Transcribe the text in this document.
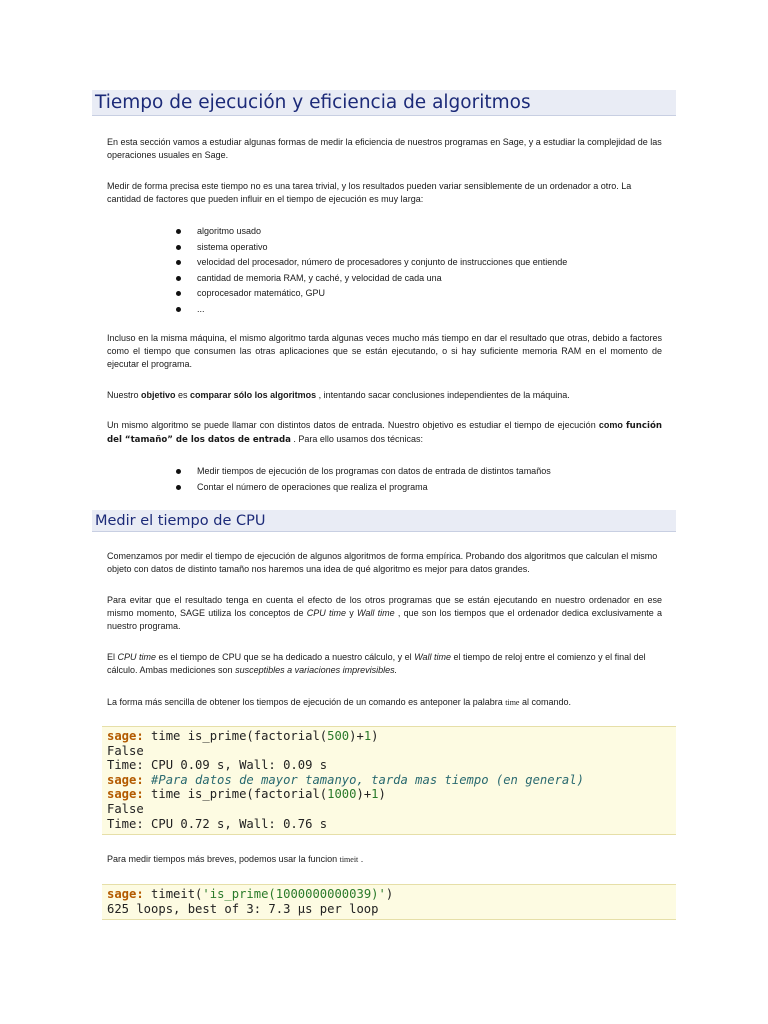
Tiempo de ejecución y eficiencia de algoritmos

En esta sección vamos a estudiar algunas formas de medir la eficiencia de nuestros programas en Sage, y a estudiar la complejidad de las operaciones usuales en Sage.

Medir de forma precisa este tiempo no es una tarea trivial, y los resultados pueden variar sensiblemente de un ordenador a otro. La cantidad de factores que pueden influir en el tiempo de ejecución es muy larga:

algoritmo usado
sistema operativo
velocidad del procesador, número de procesadores y conjunto de instrucciones que entiende
cantidad de memoria RAM, y caché, y velocidad de cada una
coprocesador matemático, GPU
...

Incluso en la misma máquina, el mismo algoritmo tarda algunas veces mucho más tiempo en dar el resultado que otras, debido a factores como el tiempo que consumen las otras aplicaciones que se están ejecutando, o si hay suficiente memoria RAM en el momento de ejecutar el programa.

Nuestro objetivo es comparar sólo los algoritmos , intentando sacar conclusiones independientes de la máquina.

Un mismo algoritmo se puede llamar con distintos datos de entrada. Nuestro objetivo es estudiar el tiempo de ejecución como función del “tamaño” de los datos de entrada . Para ello usamos dos técnicas:

Medir tiempos de ejecución de los programas con datos de entrada de distintos tamaños
Contar el número de operaciones que realiza el programa
Medir el tiempo de CPU

Comenzamos por medir el tiempo de ejecución de algunos algoritmos de forma empírica. Probando dos algoritmos que calculan el mismo objeto con datos de distinto tamaño nos haremos una idea de qué algoritmo es mejor para datos grandes.

Para evitar que el resultado tenga en cuenta el efecto de los otros programas que se están ejecutando en nuestro ordenador en ese mismo momento, SAGE utiliza los conceptos de CPU time y Wall time , que son los tiempos que el ordenador dedica exclusivamente a nuestro programa.

El CPU time es el tiempo de CPU que se ha dedicado a nuestro cálculo, y el Wall time el tiempo de reloj entre el comienzo y el final del cálculo. Ambas mediciones son susceptibles a variaciones imprevisibles.

La forma más sencilla de obtener los tiempos de ejecución de un comando es anteponer la palabra time al comando.

sage: time is_prime(factorial(500)+1)
False
Time: CPU 0.09 s, Wall: 0.09 s
sage: #Para datos de mayor tamanyo, tarda mas tiempo (en general)
sage: time is_prime(factorial(1000)+1)
False
Time: CPU 0.72 s, Wall: 0.76 s

Para medir tiempos más breves, podemos usar la funcion timeit .

sage: timeit('is_prime(1000000000039)')
625 loops, best of 3: 7.3 µs per loop
